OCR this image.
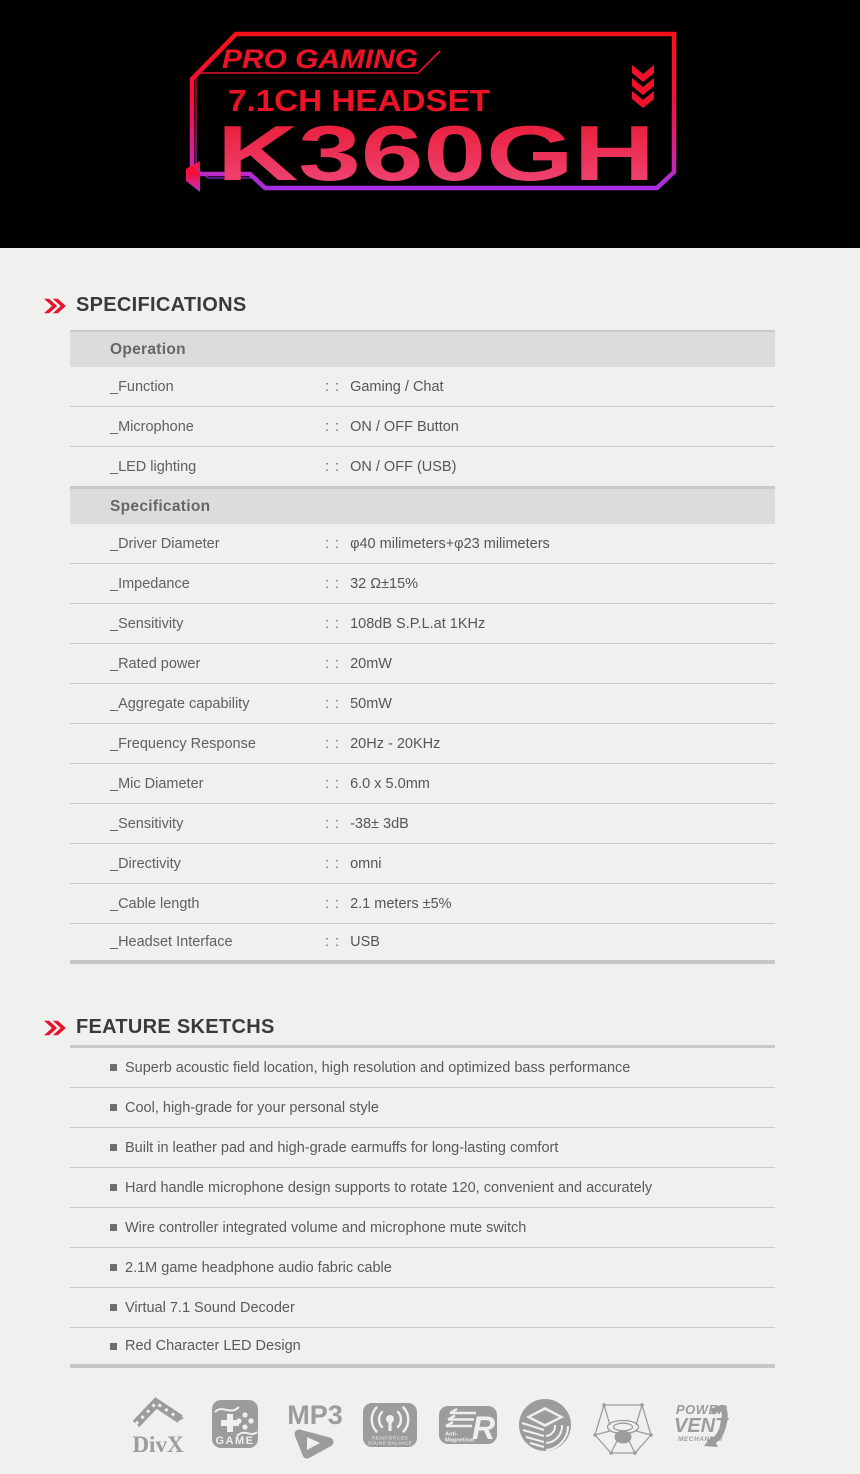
PRO GAMING
7.1CH HEADSET
K360GH
SPECIFICATIONS
Operation
_Function	: : Gaming / Chat
_Microphone	: : ON / OFF Button
_LED lighting	: : ON / OFF (USB)
Specification
_Driver Diameter	: : φ40 milimeters+φ23 milimeters
_Impedance	: : 32 Ω±15%
_Sensitivity	: : 108dB S.P.L.at 1KHz
_Rated power	: : 20mW
_Aggregate capability	: : 50mW
_Frequency Response	: : 20Hz - 20KHz
_Mic Diameter	: : 6.0 x 5.0mm
_Sensitivity	: : -38± 3dB
_Directivity	: : omni
_Cable length	: : 2.1 meters ±5%
_Headset Interface	: : USB
FEATURE SKETCHS
Superb acoustic field location, high resolution and optimized bass performance
Cool, high-grade for your personal style
Built in leather pad and high-grade earmuffs for long-lasting comfort
Hard handle microphone design supports to rotate 120, convenient and accurately
Wire controller integrated volume and microphone mute switch
2.1M game headphone audio fabric cable
Virtual 7.1 Sound Decoder
Red Character LED Design
DivX	GAME
MP3
REINFORCED
SOUND BALANCE R
Anti-
Magnetism
POWER
VENT
MECHANISM
